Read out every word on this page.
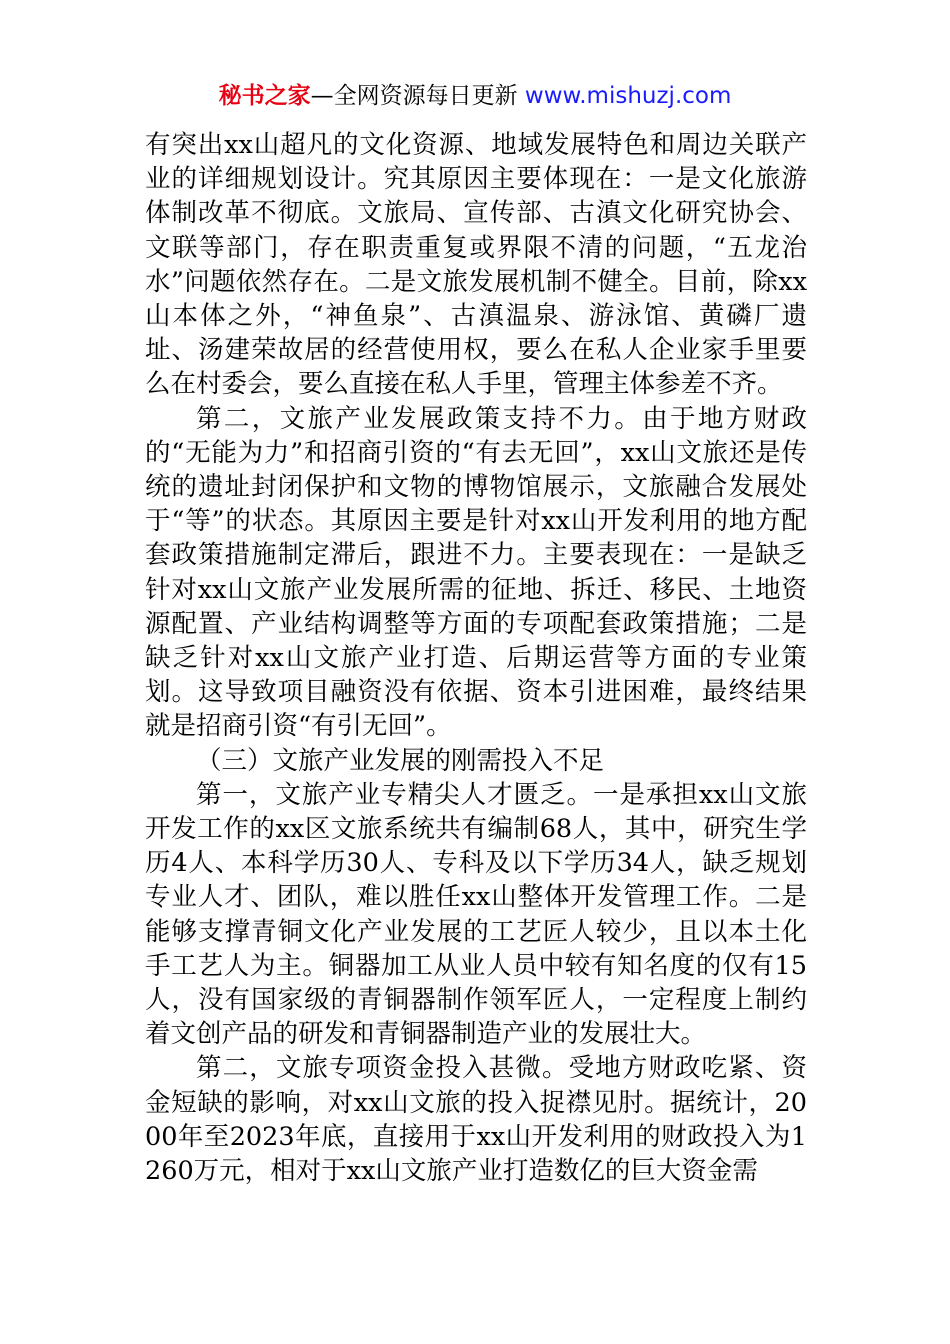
秘书之家—全网资源每日更新 www.mishuzj.com

有突出xx山超凡的文化资源、地域发展特色和周边关联产业的详细规划设计。究其原因主要体现在：一是文化旅游体制改革不彻底。文旅局、宣传部、古滇文化研究协会、文联等部门，存在职责重复或界限不清的问题，“五龙治水”问题依然存在。二是文旅发展机制不健全。目前，除xx山本体之外，“神鱼泉”、古滇温泉、游泳馆、黄磷厂遗址、汤建荣故居的经营使用权，要么在私人企业家手里要么在村委会，要么直接在私人手里，管理主体参差不齐。

第二，文旅产业发展政策支持不力。由于地方财政的“无能为力”和招商引资的“有去无回”，xx山文旅还是传统的遗址封闭保护和文物的博物馆展示，文旅融合发展处于“等”的状态。其原因主要是针对xx山开发利用的地方配套政策措施制定滞后，跟进不力。主要表现在：一是缺乏针对xx山文旅产业发展所需的征地、拆迁、移民、土地资源配置、产业结构调整等方面的专项配套政策措施；二是缺乏针对xx山文旅产业打造、后期运营等方面的专业策划。这导致项目融资没有依据、资本引进困难，最终结果就是招商引资“有引无回”。

（三）文旅产业发展的刚需投入不足

第一，文旅产业专精尖人才匮乏。一是承担xx山文旅开发工作的xx区文旅系统共有编制68人，其中，研究生学历4人、本科学历30人、专科及以下学历34人，缺乏规划专业人才、团队，难以胜任xx山整体开发管理工作。二是能够支撑青铜文化产业发展的工艺匠人较少，且以本土化手工艺人为主。铜器加工从业人员中较有知名度的仅有15人，没有国家级的青铜器制作领军匠人，一定程度上制约着文创产品的研发和青铜器制造产业的发展壮大。

第二，文旅专项资金投入甚微。受地方财政吃紧、资金短缺的影响，对xx山文旅的投入捉襟见肘。据统计，2000年至2023年底，直接用于xx山开发利用的财政投入为1260万元，相对于xx山文旅产业打造数亿的巨大资金需
